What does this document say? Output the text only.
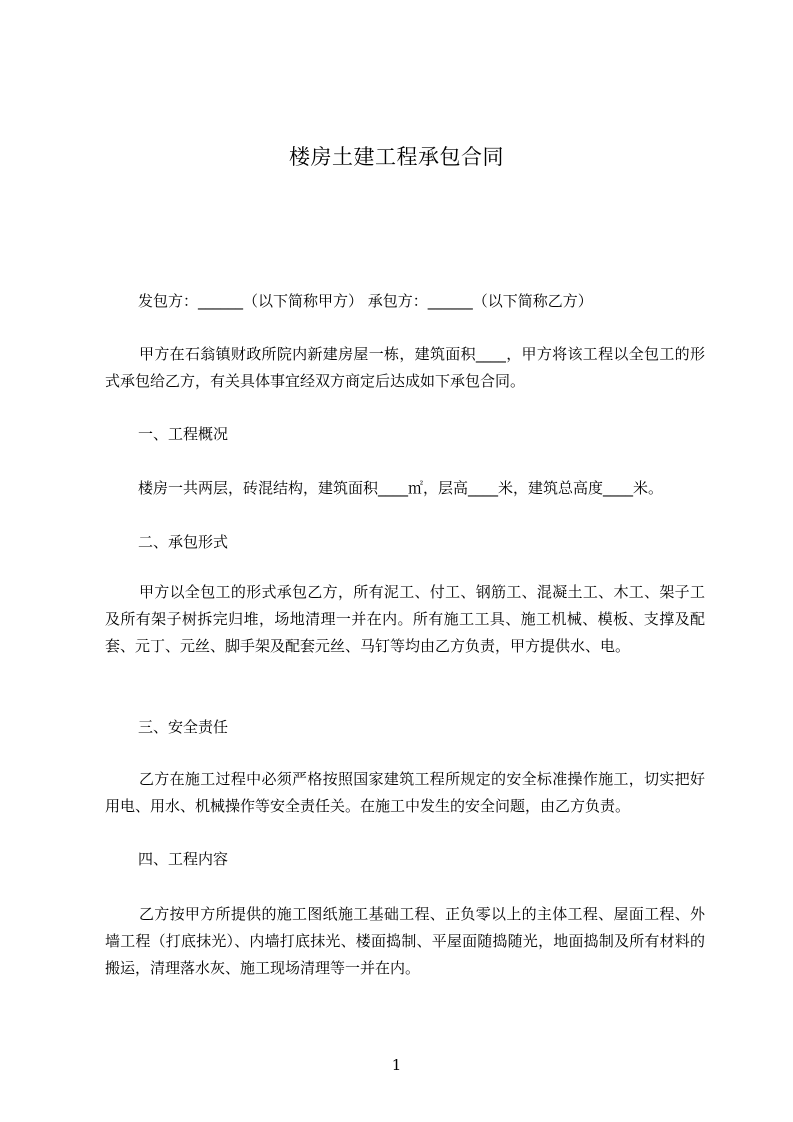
楼房土建工程承包合同
发包方：______（以下简称甲方） 承包方：______（以下简称乙方）
甲方在石翁镇财政所院内新建房屋一栋，建筑面积____，甲方将该工程以全包工的形式承包给乙方，有关具体事宜经双方商定后达成如下承包合同。
一、工程概况
楼房一共两层，砖混结构，建筑面积____㎡，层高____米，建筑总高度____米。
二、承包形式
甲方以全包工的形式承包乙方，所有泥工、付工、钢筋工、混凝土工、木工、架子工及所有架子树拆完归堆，场地清理一并在内。所有施工工具、施工机械、模板、支撑及配套、元丁、元丝、脚手架及配套元丝、马钉等均由乙方负责，甲方提供水、电。
三、安全责任
乙方在施工过程中必须严格按照国家建筑工程所规定的安全标准操作施工，切实把好用电、用水、机械操作等安全责任关。在施工中发生的安全问题，由乙方负责。
四、工程内容
乙方按甲方所提供的施工图纸施工基础工程、正负零以上的主体工程、屋面工程、外墙工程（打底抹光）、内墙打底抹光、楼面捣制、平屋面随捣随光，地面捣制及所有材料的搬运，清理落水灰、施工现场清理等一并在内。
1
